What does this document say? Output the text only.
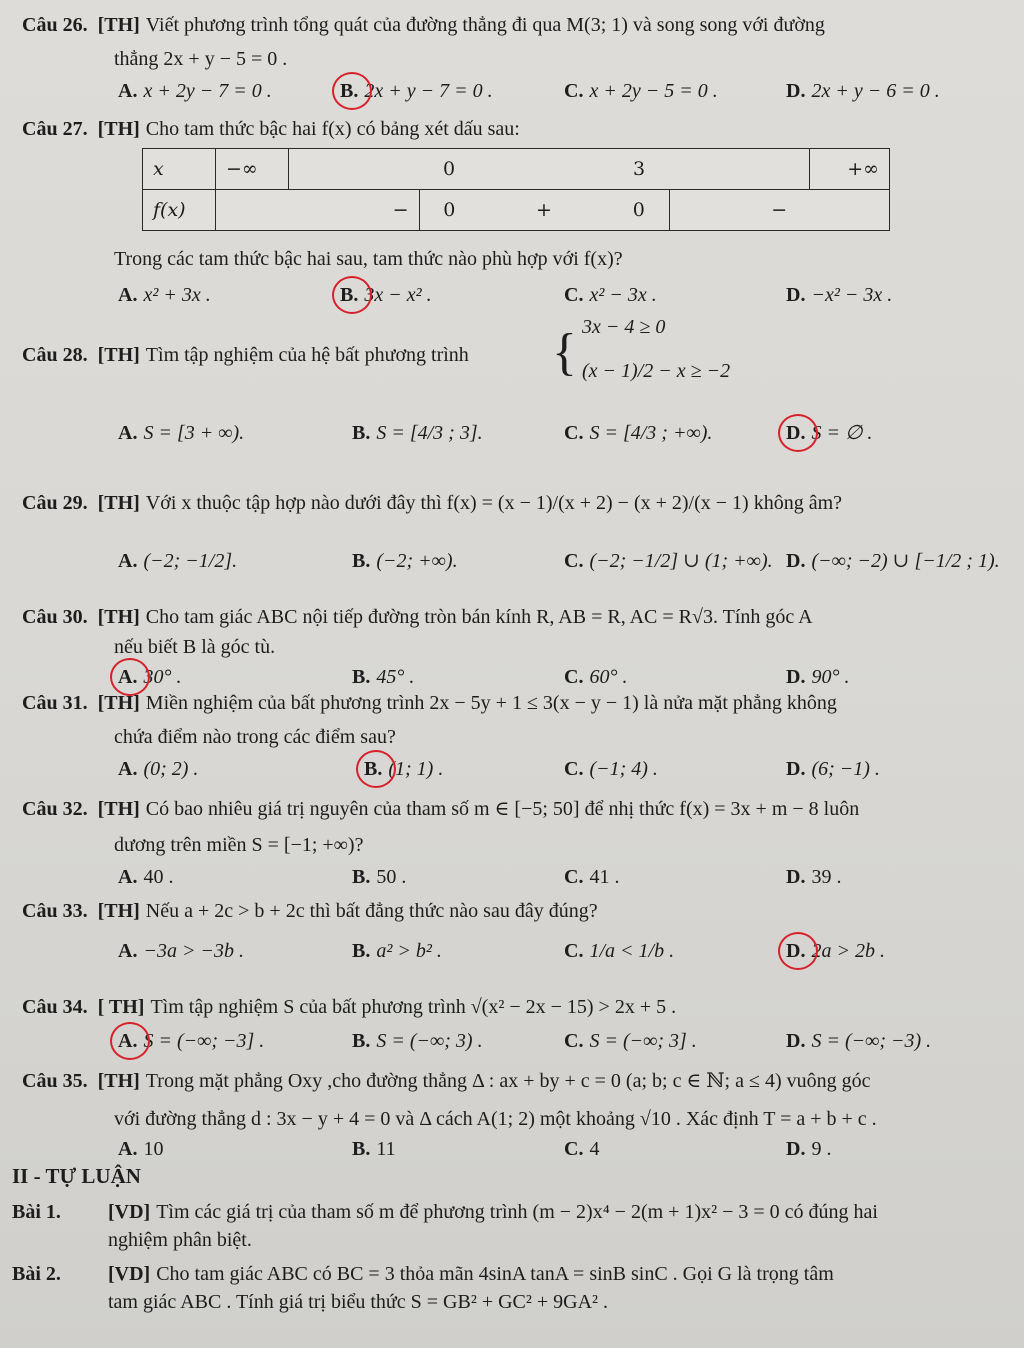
Câu 26. [TH] Viết phương trình tổng quát của đường thẳng đi qua M(3; 1) và song song với đường
thẳng 2x + y − 5 = 0 .
A. x + 2y − 7 = 0 .	B. 2x + y − 7 = 0 .	C. x + 2y − 5 = 0 .	D. 2x + y − 6 = 0 .
Câu 27. [TH] Cho tam thức bậc hai f(x) có bảng xét dấu sau:
x	−∞		0		3		+∞
f(x)	−		0	+	0	−	
Trong các tam thức bậc hai sau, tam thức nào phù hợp với f(x)?
A. x² + 3x .	B. 3x − x² .	C. x² − 3x .	D. −x² − 3x .
Câu 28. [TH] Tìm tập nghiệm của hệ bất phương trình { 3x − 4 ≥ 0
(x − 1)/2 − x ≥ −2
A. S = [3 + ∞).	B. S = [4/3 ; 3].	C. S = [4/3 ; +∞).	D. S = ∅ .
Câu 29. [TH] Với x thuộc tập hợp nào dưới đây thì f(x) = (x − 1)/(x + 2) − (x + 2)/(x − 1) không âm?
A. (−2; −1/2].	B. (−2; +∞).	C. (−2; −1/2] ∪ (1; +∞). D. (−∞; −2) ∪ [−1/2 ; 1).
Câu 30. [TH] Cho tam giác ABC nội tiếp đường tròn bán kính R, AB = R, AC = R√3. Tính góc A
nếu biết B là góc tù.
A. 30° .	B. 45° .	C. 60° .	D. 90° .
Câu 31. [TH] Miền nghiệm của bất phương trình 2x − 5y + 1 ≤ 3(x − y − 1) là nửa mặt phẳng không
chứa điểm nào trong các điểm sau?
A. (0; 2) .	B. (1; 1) .	C. (−1; 4) .	D. (6; −1) .
Câu 32. [TH] Có bao nhiêu giá trị nguyên của tham số m ∈ [−5; 50] để nhị thức f(x) = 3x + m − 8 luôn
dương trên miền S = [−1; +∞)?
A. 40 .	B. 50 .	C. 41 .	D. 39 .
Câu 33. [TH] Nếu a + 2c > b + 2c thì bất đẳng thức nào sau đây đúng?
A. −3a > −3b .	B. a² > b² .	C. 1/a < 1/b .	D. 2a > 2b .
Câu 34. [ TH] Tìm tập nghiệm S của bất phương trình √(x² − 2x − 15) > 2x + 5 .
A. S = (−∞; −3] .	B. S = (−∞; 3) .	C. S = (−∞; 3] .	D. S = (−∞; −3) .
Câu 35. [TH] Trong mặt phẳng Oxy ,cho đường thẳng Δ : ax + by + c = 0 (a; b; c ∈ ℕ; a ≤ 4) vuông góc
với đường thẳng d : 3x − y + 4 = 0 và Δ cách A(1; 2) một khoảng √10 . Xác định T = a + b + c .
A. 10	B. 11	C. 4	D. 9 .
II - TỰ LUẬN
Bài 1. [VD] Tìm các giá trị của tham số m để phương trình (m − 2)x⁴ − 2(m + 1)x² − 3 = 0 có đúng hai
nghiệm phân biệt.
Bài 2. [VD] Cho tam giác ABC có BC = 3 thỏa mãn 4sinA tanA = sinB sinC . Gọi G là trọng tâm
tam giác ABC . Tính giá trị biểu thức S = GB² + GC² + 9GA² .
